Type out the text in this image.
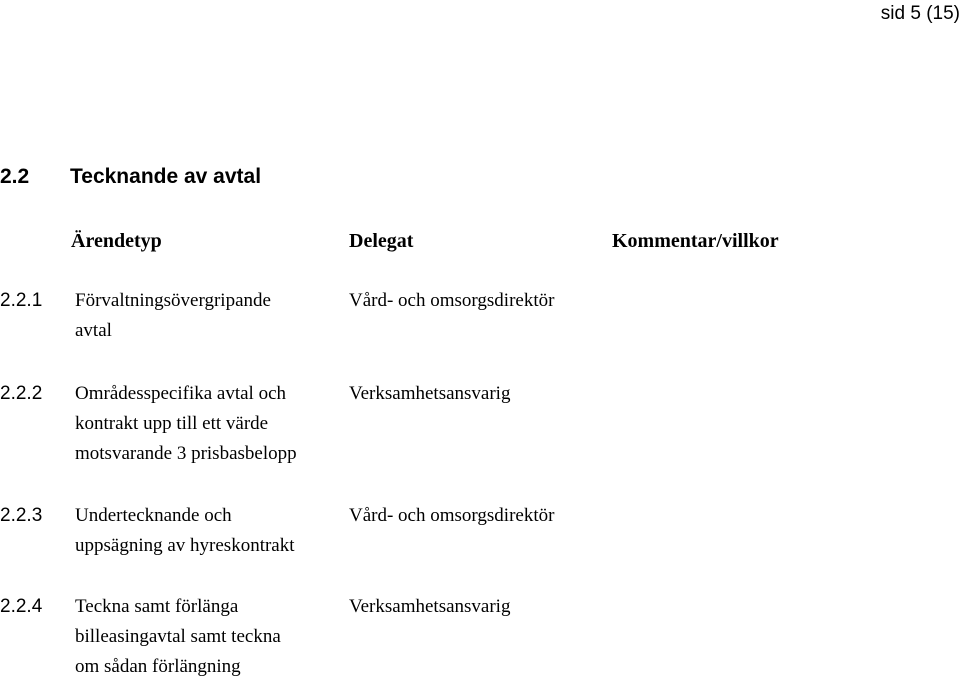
sid 5 (15)
2.2 Tecknande av avtal
Ärendetyp	Delegat	Kommentar/villkor
2.2.1 Förvaltningsövergripande
avtal
Vård- och omsorgsdirektör
2.2.2 Områdesspecifika avtal och
kontrakt upp till ett värde
motsvarande 3 prisbasbelopp
Verksamhetsansvarig
2.2.3 Undertecknande och
uppsägning av hyreskontrakt
Vård- och omsorgsdirektör
2.2.4 Teckna samt förlänga
billeasingavtal samt teckna
om sådan förlängning
Verksamhetsansvarig
